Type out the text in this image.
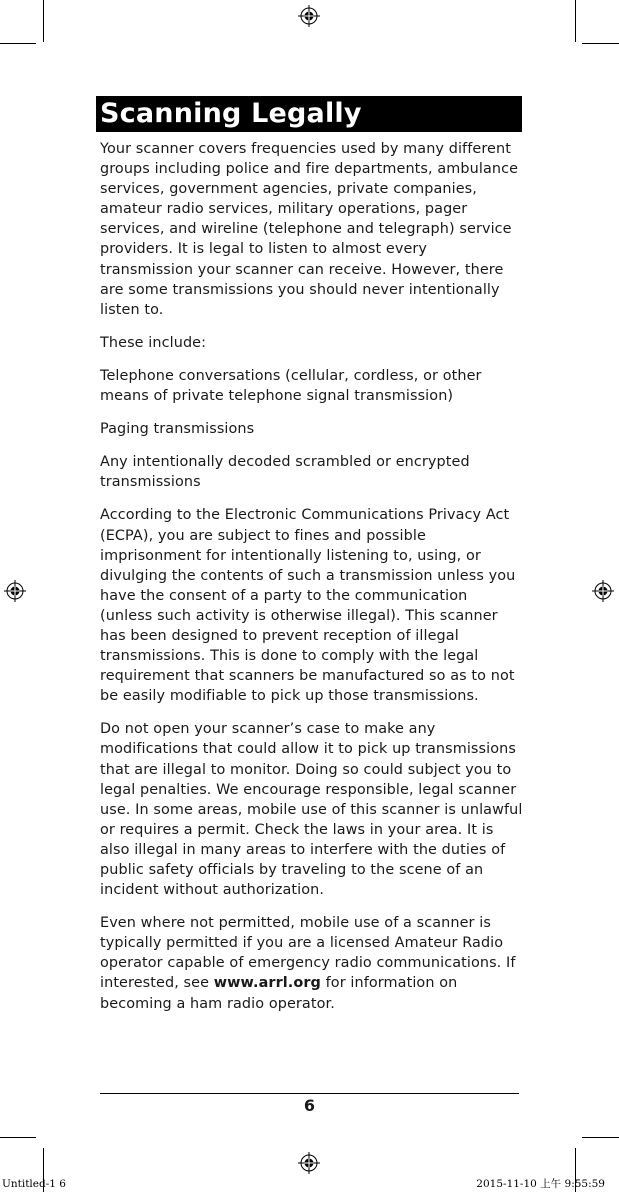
Scanning Legally

Your scanner covers frequencies used by many different groups including police and fire departments, ambulance services, government agencies, private companies, amateur radio services, military operations, pager services, and wireline (telephone and telegraph) service providers. It is legal to listen to almost every transmission your scanner can receive. However, there are some transmissions you should never intentionally listen to.

These include:

Telephone conversations (cellular, cordless, or other means of private telephone signal transmission)

Paging transmissions

Any intentionally decoded scrambled or encrypted transmissions

According to the Electronic Communications Privacy Act (ECPA), you are subject to fines and possible imprisonment for intentionally listening to, using, or divulging the contents of such a transmission unless you have the consent of a party to the communication (unless such activity is otherwise illegal). This scanner has been designed to prevent reception of illegal transmissions. This is done to comply with the legal requirement that scanners be manufactured so as to not be easily modifiable to pick up those transmissions.

Do not open your scanner’s case to make any modifications that could allow it to pick up transmissions that are illegal to monitor. Doing so could subject you to legal penalties. We encourage responsible, legal scanner use. In some areas, mobile use of this scanner is unlawful or requires a permit. Check the laws in your area. It is also illegal in many areas to interfere with the duties of public safety officials by traveling to the scene of an incident without authorization.

Even where not permitted, mobile use of a scanner is typically permitted if you are a licensed Amateur Radio operator capable of emergency radio communications. If interested, see www.arrl.org for information on becoming a ham radio operator.

6
Untitled-1 6	2015-11-10 上午 9:55:59
